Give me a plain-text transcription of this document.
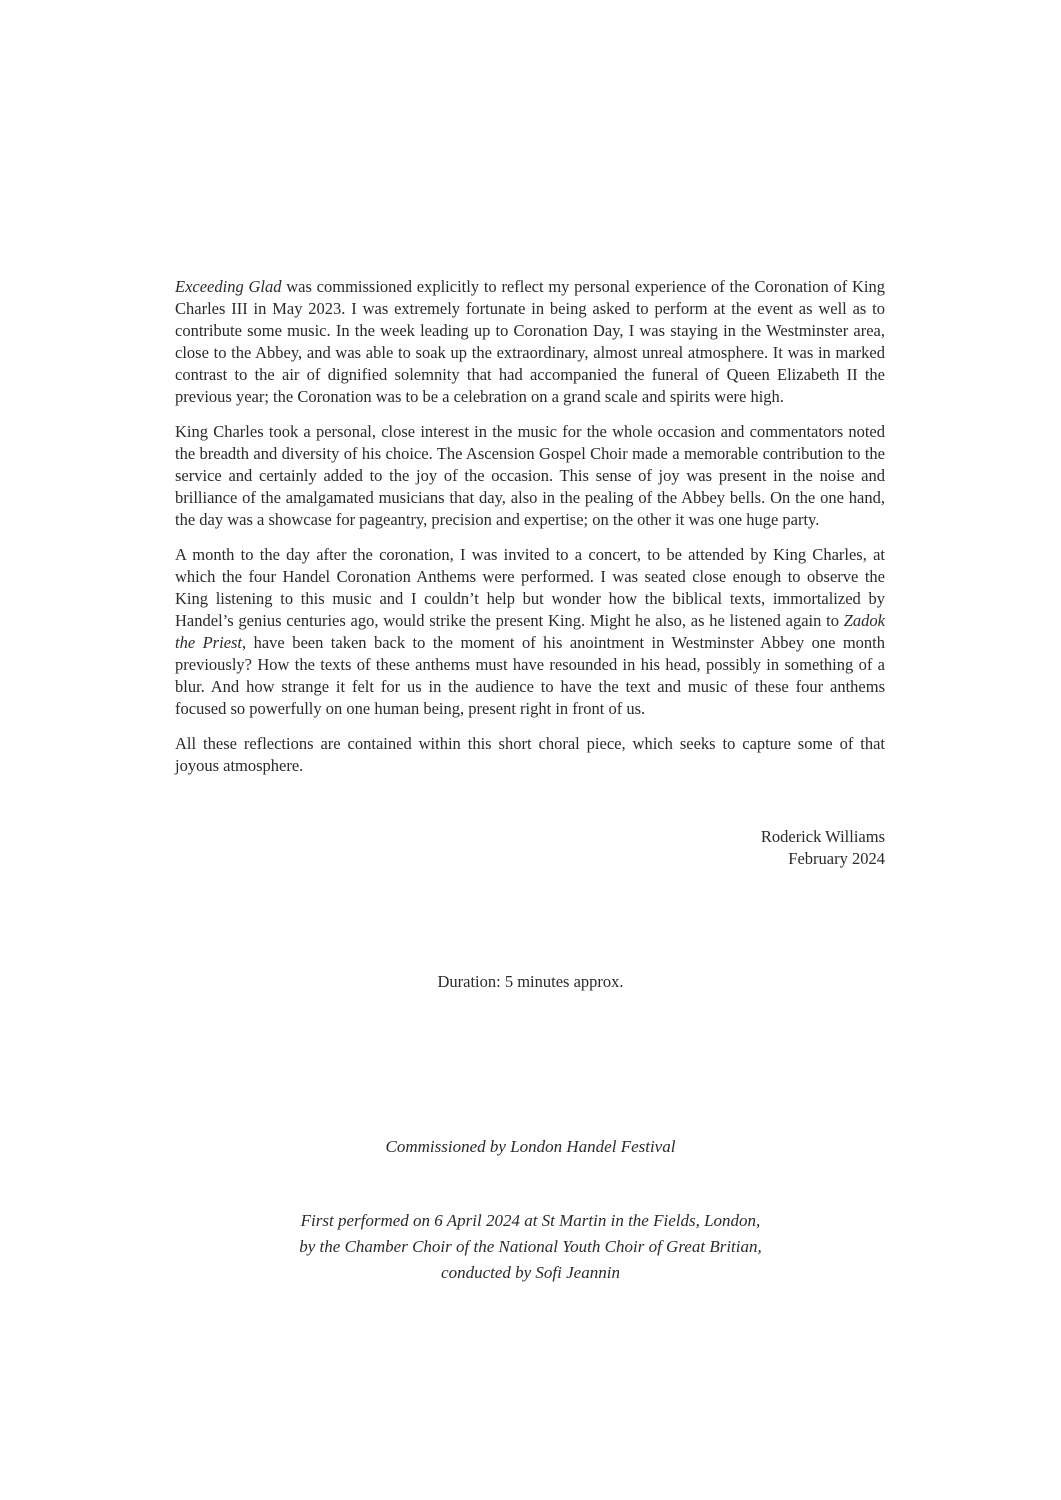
Exceeding Glad was commissioned explicitly to reflect my personal experience of the Coronation of King Charles III in May 2023. I was extremely fortunate in being asked to perform at the event as well as to contribute some music. In the week leading up to Coronation Day, I was staying in the Westminster area, close to the Abbey, and was able to soak up the extraordinary, almost unreal atmosphere. It was in marked contrast to the air of dignified solemnity that had accompanied the funeral of Queen Elizabeth II the previous year; the Coronation was to be a celebration on a grand scale and spirits were high.

King Charles took a personal, close interest in the music for the whole occasion and commentators noted the breadth and diversity of his choice. The Ascension Gospel Choir made a memorable contribution to the service and certainly added to the joy of the occasion. This sense of joy was present in the noise and brilliance of the amalgamated musicians that day, also in the pealing of the Abbey bells. On the one hand, the day was a showcase for pageantry, precision and expertise; on the other it was one huge party.

A month to the day after the coronation, I was invited to a concert, to be attended by King Charles, at which the four Handel Coronation Anthems were performed. I was seated close enough to observe the King listening to this music and I couldn’t help but wonder how the biblical texts, immortalized by Handel’s genius centuries ago, would strike the present King. Might he also, as he listened again to Zadok the Priest, have been taken back to the moment of his anointment in Westminster Abbey one month previously? How the texts of these anthems must have resounded in his head, possibly in something of a blur. And how strange it felt for us in the audience to have the text and music of these four anthems focused so powerfully on one human being, present right in front of us.

All these reflections are contained within this short choral piece, which seeks to capture some of that joyous atmosphere.

Roderick Williams
February 2024
Duration: 5 minutes approx.
Commissioned by London Handel Festival
First performed on 6 April 2024 at St Martin in the Fields, London,
by the Chamber Choir of the National Youth Choir of Great Britian,
conducted by Sofi Jeannin
